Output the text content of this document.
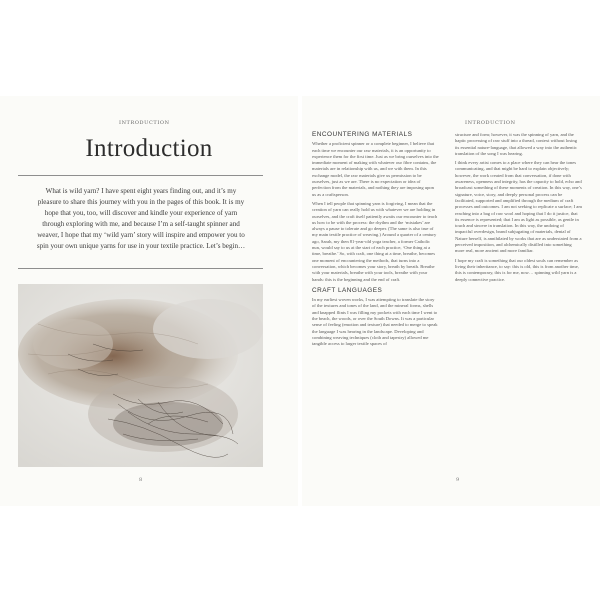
INTRODUCTION
Introduction

What is wild yarn? I have spent eight years finding out, and it’s my pleasure to share this journey with you in the pages of this book. It is my hope that you, too, will discover and kindle your experience of yarn through exploring with me, and because I’m a self-taught spinner and weaver, I hope that my ‘wild yarn’ story will inspire and empower you to spin your own unique yarns for use in your textile practice. Let’s begin…

8
INTRODUCTION
ENCOUNTERING MATERIALS

Whether a proficient spinner or a complete beginner, I believe that each time we encounter our raw materials, it is an opportunity to experience them for the first time. Just as we bring ourselves into the immediate moment of making with whatever our fibre contains, the materials are in relationship with us, and we with them. In this exchange model, the raw materials give us permission to be ourselves, just as we are. There is no expectation or idea of perfection from the materials, and nothing they are imposing upon us as a craftsperson.

When I tell people that spinning yarn is forgiving, I mean that the creation of yarn can really hold us with whatever we are holding in ourselves, and the craft itself patiently awaits our encounter to teach us how to be with the process: the rhythm and the ‘mistakes’ are always a pause to tolerate and go deeper. (The same is also true of my main textile practice of weaving.) Around a quarter of a century ago, Sarah, my then 81-year-old yoga teacher, a former Catholic nun, would say to us at the start of each practice, ‘One thing at a time, breathe.’ So, with craft, one thing at a time, breathe, becomes one moment of encountering the methods, that turns into a conversation, which becomes your story, breath by breath. Breathe with your materials, breathe with your tools, breathe with your hands: this is the beginning and the end of craft.

CRAFT LANGUAGES

In my earliest woven works, I was attempting to translate the story of the textures and tones of the land, and the mineral forms, shells and knapped flints I was filling my pockets with each time I went to the beach, the woods, or over the South Downs. It was a particular sense of feeling (emotion and texture) that needed to merge to speak the language I was hearing in the landscape. Developing and combining weaving techniques (cloth and tapestry) allowed me tangible access to larger textile spaces of

structure and form; however, it was the spinning of yarn, and the haptic processing of raw stuff into a thread, context without losing its essential nature-language, that allowed a way into the authentic translation of the song I was hearing.

I think every artist comes to a place where they can hear the tones communicating, and that might be hard to explain objectively; however, the work created from that conversation, if done with awareness, openness and integrity, has the capacity to hold, echo and broadcast something of these moments of creation. In this way, one’s signature, voice, story, and deeply personal process can be facilitated, supported and amplified through the medium of craft processes and outcomes. I am not seeking to replicate a surface; I am reaching into a bag of raw wool and hoping that I do it justice, that its essence is represented; that I am as light as possible, as gentle in touch and sincere in translation. In this way, the undoing of impactful overdesign, brand subjugating of materials, denial of Nature herself, is annihilated by works that are as understated from a perceived imposition, and alchemically distilled into something more real, more ancient and more familiar.

I hope my craft is something that our oldest souls can remember as living their inheritance, to say: this is old, this is from another time, this is contemporary, this is for me, now… spinning wild yarn is a deeply connective practice.

9
